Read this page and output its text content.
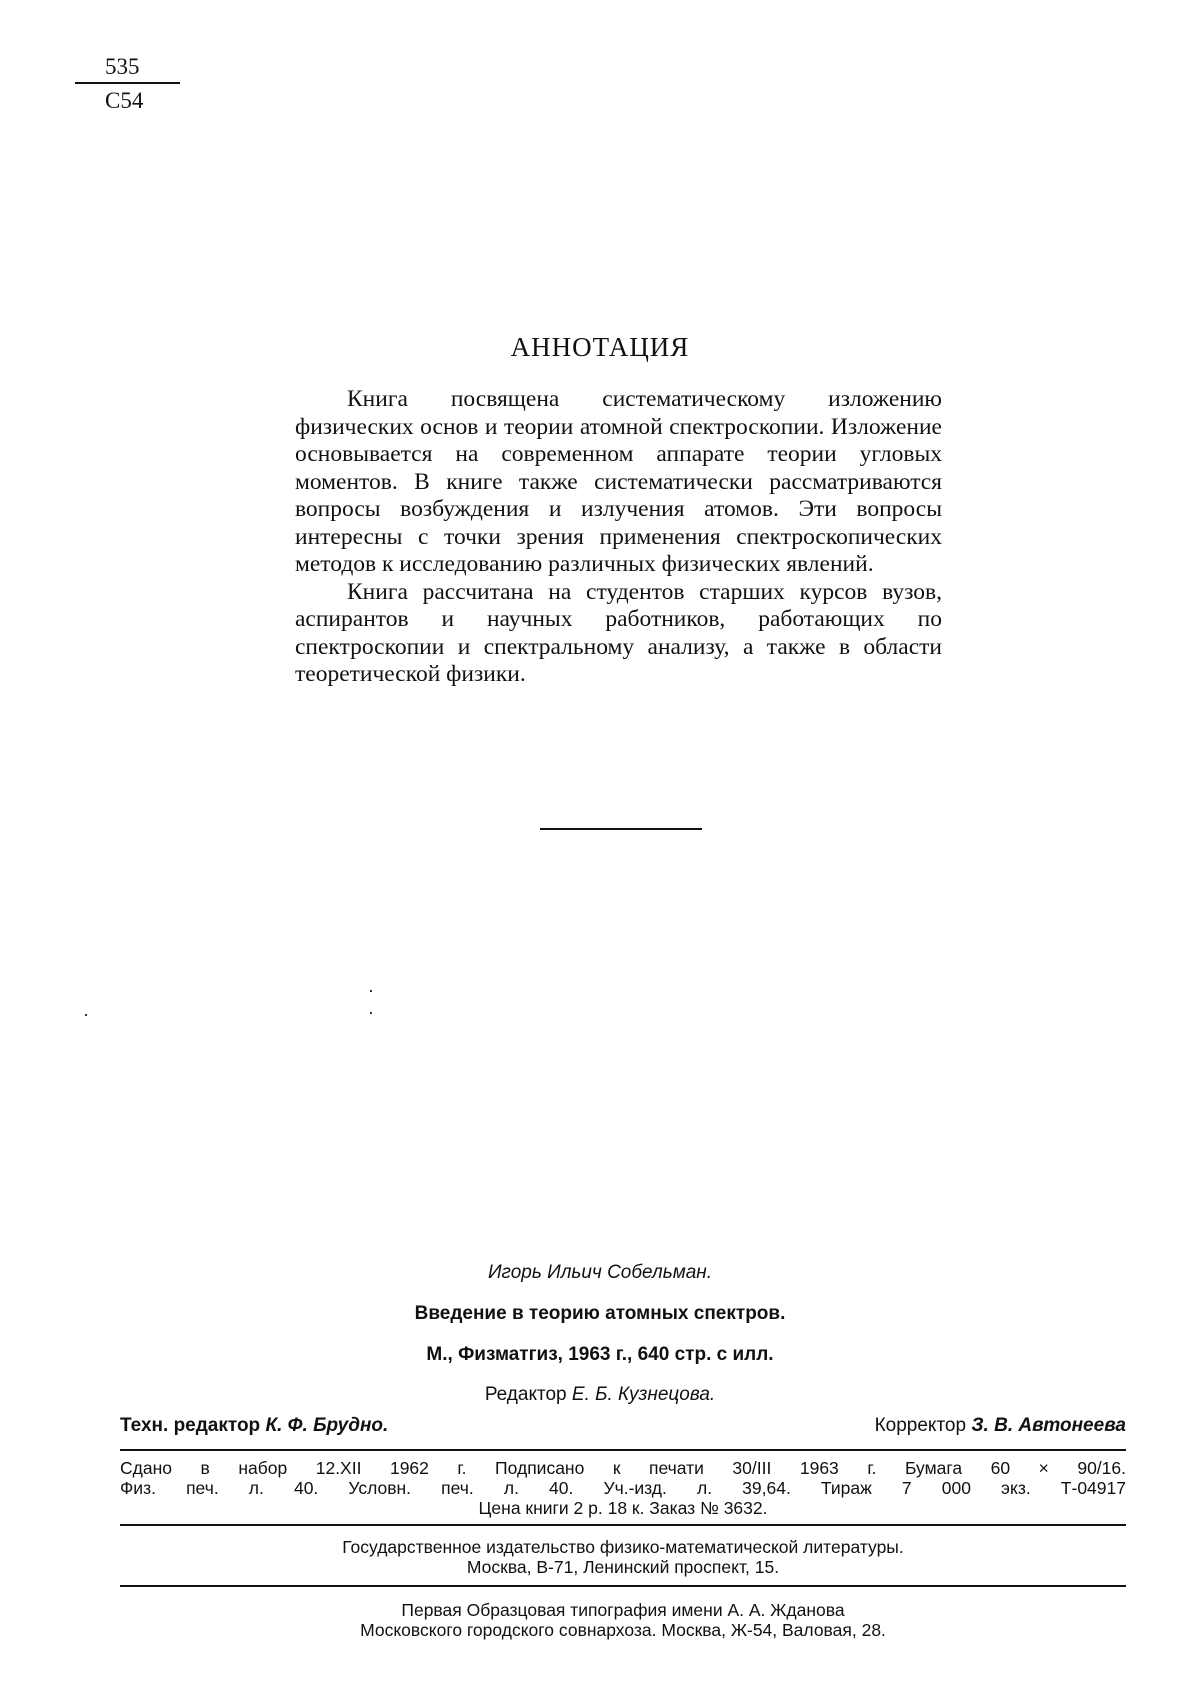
535
C54
АННОТАЦИЯ

Книга посвящена систематическому изложению физических основ и теории атомной спектроскопии. Изложение основывается на современном аппарате теории угловых моментов. В книге также систематически рассматриваются вопросы возбуждения и излучения атомов. Эти вопросы интересны с точки зрения применения спектроскопических методов к исследованию различных физических явлений.

Книга рассчитана на студентов старших курсов вузов, аспирантов и научных работников, работающих по спектроскопии и спектральному анализу, а также в области теоретической физики.

Игорь Ильич Собельман.
Введение в теорию атомных спектров.
М., Физматгиз, 1963 г., 640 стр. с илл.
Редактор Е. Б. Кузнецова.
Техн. редактор К. Ф. Брудно.	Корректор З. В. Автонеева
Сдано в набор 12.XII 1962 г. Подписано к печати 30/III 1963 г. Бумага 60 × 90/16.
Физ. печ. л. 40. Условн. печ. л. 40. Уч.-изд. л. 39,64. Тираж 7 000 экз. Т-04917
Цена книги 2 р. 18 к. Заказ № 3632.
Государственное издательство физико-математической литературы.
Москва, В-71, Ленинский проспект, 15.
Первая Образцовая типография имени А. А. Жданова
Московского городского совнархоза. Москва, Ж-54, Валовая, 28.
